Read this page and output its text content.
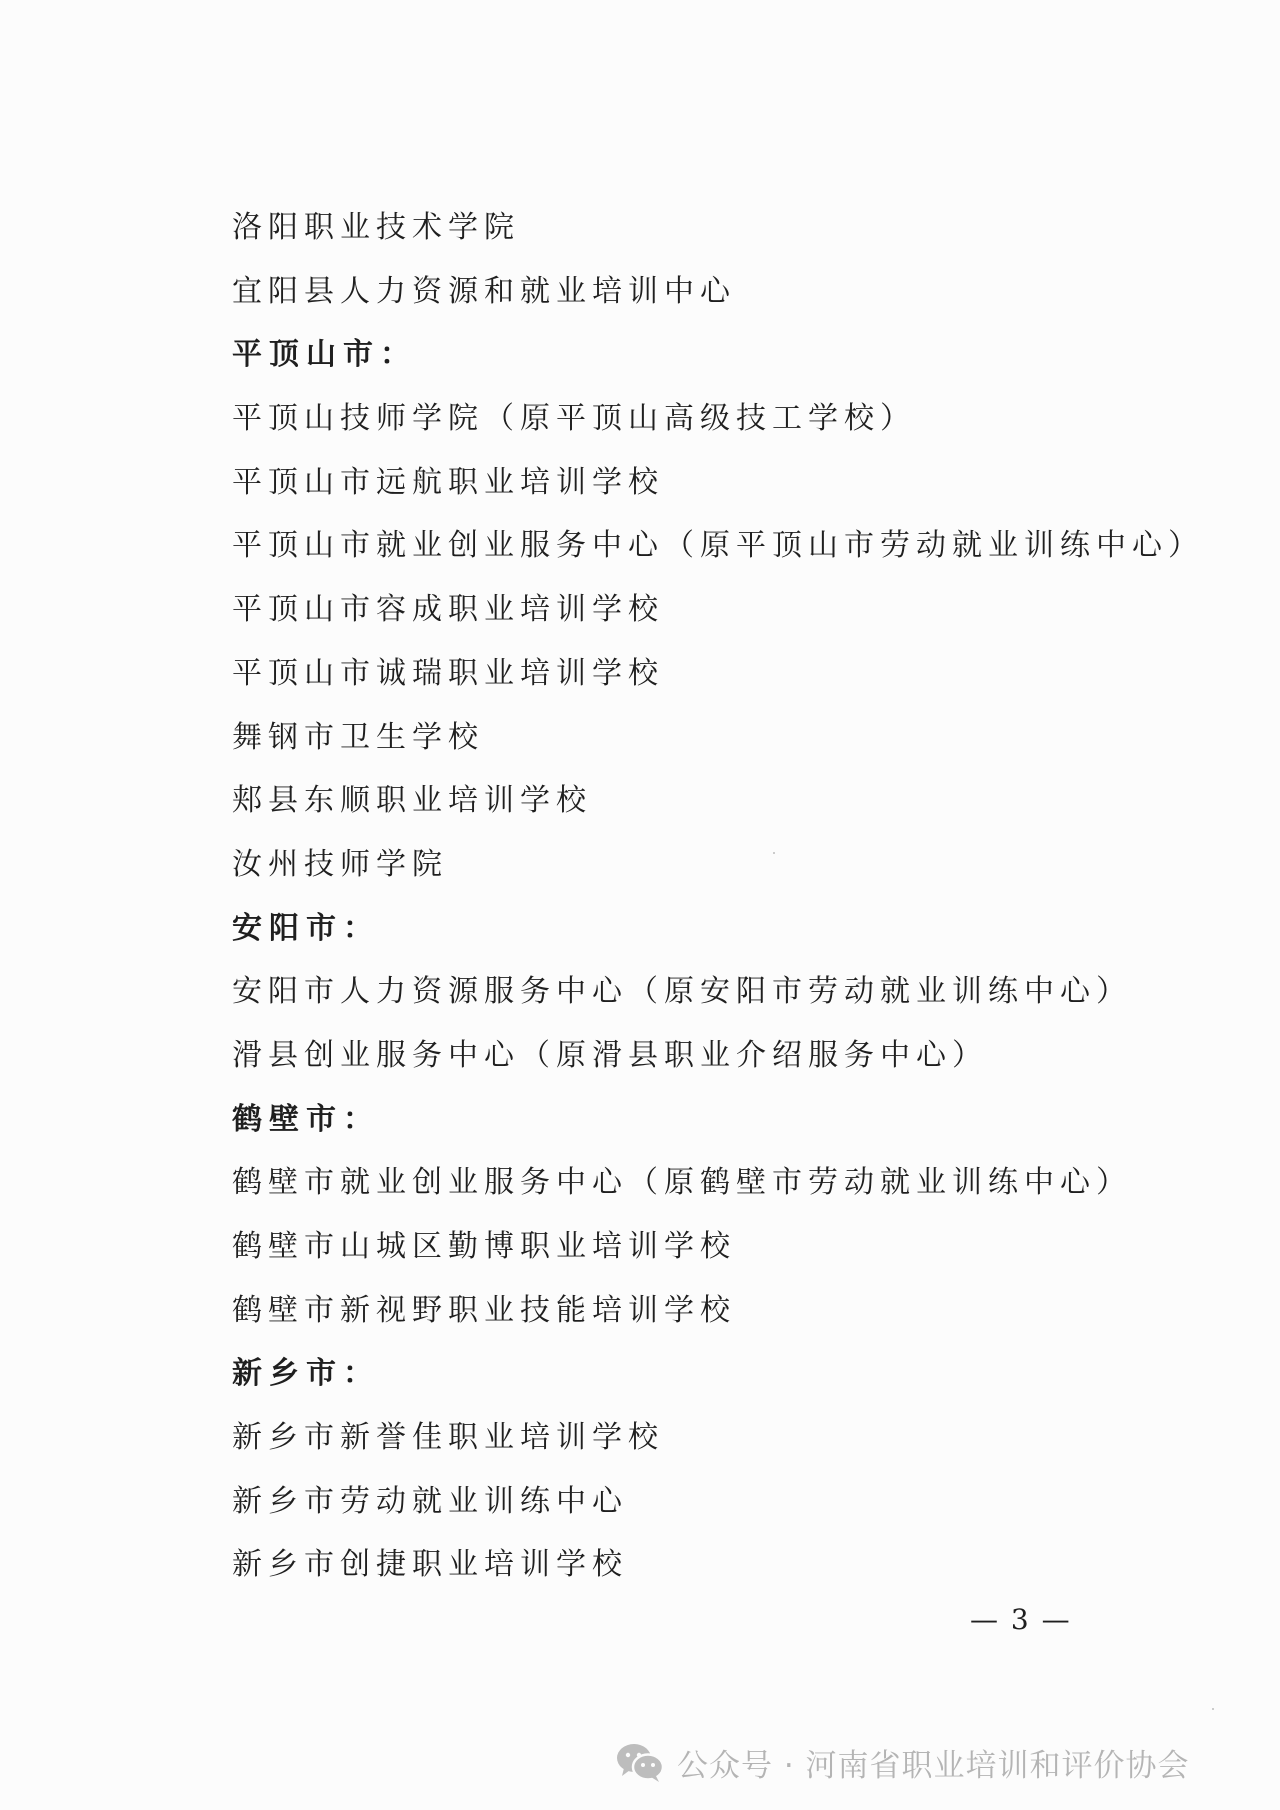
洛阳职业技术学院
宜阳县人力资源和就业培训中心
平顶山市：
平顶山技师学院（原平顶山高级技工学校）
平顶山市远航职业培训学校
平顶山市就业创业服务中心（原平顶山市劳动就业训练中心）
平顶山市容成职业培训学校
平顶山市诚瑞职业培训学校
舞钢市卫生学校
郏县东顺职业培训学校
汝州技师学院
安阳市：
安阳市人力资源服务中心（原安阳市劳动就业训练中心）
滑县创业服务中心（原滑县职业介绍服务中心）
鹤壁市：
鹤壁市就业创业服务中心（原鹤壁市劳动就业训练中心）
鹤壁市山城区勤博职业培训学校
鹤壁市新视野职业技能培训学校
新乡市：
新乡市新誉佳职业培训学校
新乡市劳动就业训练中心
新乡市创捷职业培训学校
— 3 —
公众号 · 河南省职业培训和评价协会
